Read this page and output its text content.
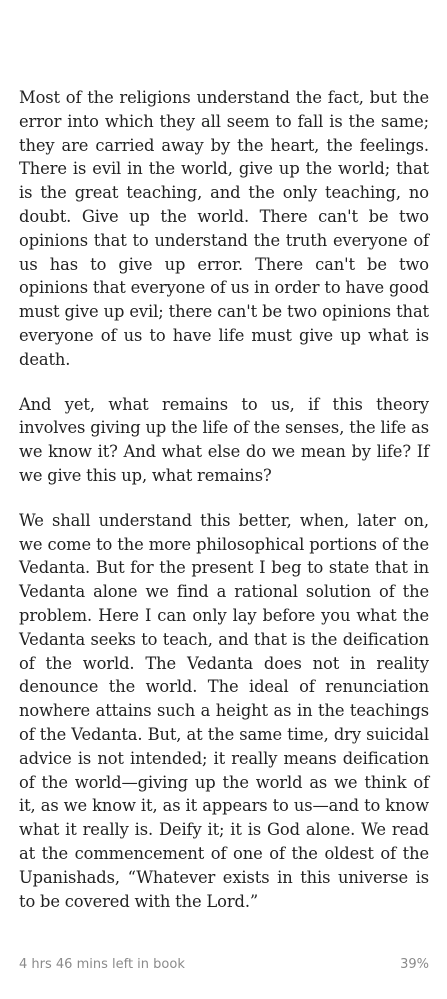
Most of the religions understand the fact, but the error into which they all seem to fall is the same; they are carried away by the heart, the feelings. There is evil in the world, give up the world; that is the great teaching, and the only teaching, no doubt. Give up the world. There can't be two opinions that to understand the truth everyone of us has to give up error. There can't be two opinions that everyone of us in order to have good must give up evil; there can't be two opinions that everyone of us to have life must give up what is death.

And yet, what remains to us, if this theory involves giving up the life of the senses, the life as we know it? And what else do we mean by life? If we give this up, what remains?

We shall understand this better, when, later on, we come to the more philosophical portions of the Vedanta. But for the present I beg to state that in Vedanta alone we find a rational solution of the problem. Here I can only lay before you what the Vedanta seeks to teach, and that is the deification of the world. The Vedanta does not in reality denounce the world. The ideal of renunciation nowhere attains such a height as in the teachings of the Vedanta. But, at the same time, dry suicidal advice is not intended; it really means deification of the world—giving up the world as we think of it, as we know it, as it appears to us—and to know what it really is. Deify it; it is God alone. We read at the commencement of one of the oldest of the Upanishads, “Whatever exists in this universe is to be covered with the Lord.”

4 hrs 46 mins left in book	39%
